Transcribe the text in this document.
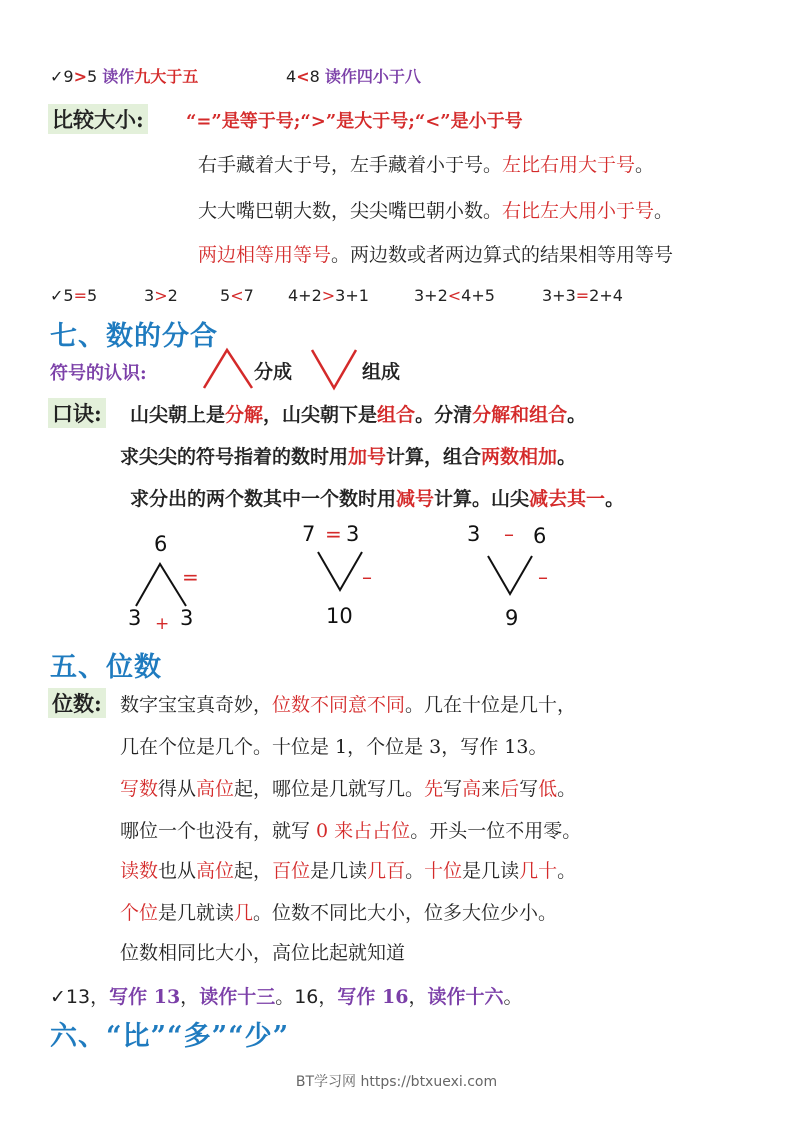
✓9>5 读作九大于五	4<8 读作四小于八
比较大小: “=”是等于号;“>”是大于号;“<”是小于号
右手藏着大于号，左手藏着小于号。左比右用大于号。
大大嘴巴朝大数，尖尖嘴巴朝小数。右比左大用小于号。
两边相等用等号。两边数或者两边算式的结果相等用等号
✓5=5	3>2	5<7 4+2>3+1	3+2<4+5	3+3=2+4
七、数的分合
符号的认识:	分成	组成
口诀: 山尖朝上是分解，山尖朝下是组合。分清分解和组合。
求尖尖的符号指着的数时用加号计算，组合两数相加。
求分出的两个数其中一个数时用减号计算。山尖减去其一。
6
=
3 + 3
7 = 3
–
10
3 – 6
–
9
五、位数
位数: 数字宝宝真奇妙，位数不同意不同。几在十位是几十，
几在个位是几个。十位是 1，个位是 3，写作 13。
写数得从高位起，哪位是几就写几。先写高来后写低。
哪位一个也没有，就写 0 来占占位。开头一位不用零。
读数也从高位起，百位是几读几百。十位是几读几十。
个位是几就读几。位数不同比大小，位多大位少小。
位数相同比大小，高位比起就知道
✓13，写作 13，读作十三。16，写作 16，读作十六。
六、“比”“多”“少”
BT学习网 https://btxuexi.com
